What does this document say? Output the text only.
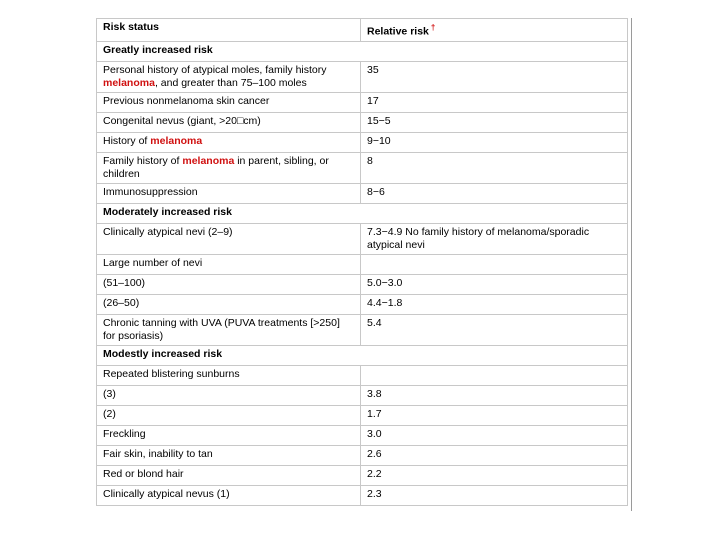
Risk status	Relative risk †
Greatly increased risk	
Personal history of atypical moles, family history melanoma, and greater than 75–100 moles	35
Previous nonmelanoma skin cancer	17
Congenital nevus (giant, >20□cm)	15−5
History of melanoma	9−10
Family history of melanoma in parent, sibling, or children	8
Immunosuppression	8−6
Moderately increased risk	
Clinically atypical nevi (2–9)	7.3−4.9 No family history of melanoma/sporadic atypical nevi
Large number of nevi	
(51–100)	5.0−3.0
(26–50)	4.4−1.8
Chronic tanning with UVA (PUVA treatments [>250] for psoriasis)	5.4
Modestly increased risk	
Repeated blistering sunburns	
(3)	3.8
(2)	1.7
Freckling	3.0
Fair skin, inability to tan	2.6
Red or blond hair	2.2
Clinically atypical nevus (1)	2.3
